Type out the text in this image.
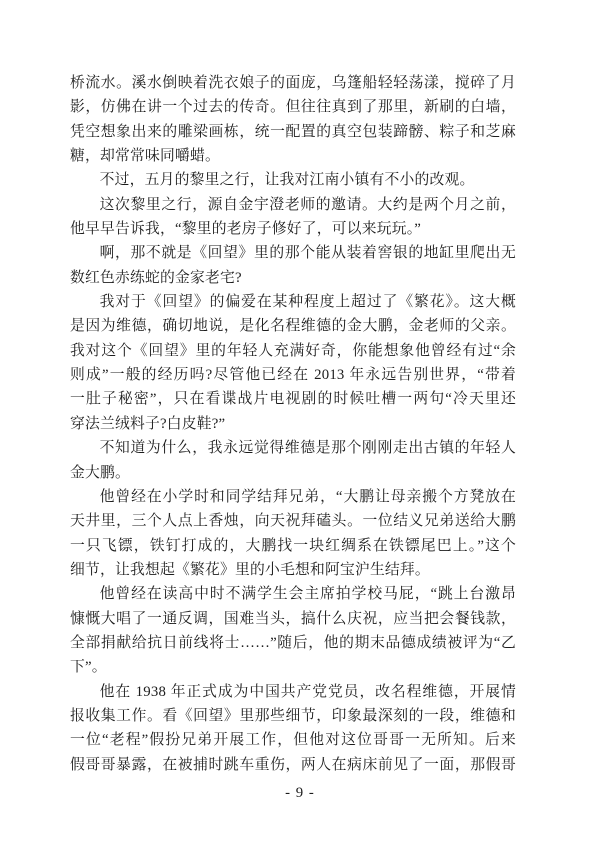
桥流水。溪水倒映着洗衣娘子的面庞，乌篷船轻轻荡漾，搅碎了月
影，仿佛在讲一个过去的传奇。但往往真到了那里，新刷的白墙，
凭空想象出来的雕梁画栋，统一配置的真空包装蹄髈、粽子和芝麻
糖，却常常味同嚼蜡。
不过，五月的黎里之行，让我对江南小镇有不小的改观。
这次黎里之行，源自金宇澄老师的邀请。大约是两个月之前，
他早早告诉我，“黎里的老房子修好了，可以来玩玩。”
啊，那不就是《回望》里的那个能从装着窖银的地缸里爬出无
数红色赤练蛇的金家老宅?
我对于《回望》的偏爱在某种程度上超过了《繁花》。这大概
是因为维德，确切地说，是化名程维德的金大鹏，金老师的父亲。
我对这个《回望》里的年轻人充满好奇，你能想象他曾经有过“余
则成”一般的经历吗?尽管他已经在 2013 年永远告别世界，“带着
一肚子秘密”，只在看谍战片电视剧的时候吐槽一两句“冷天里还
穿法兰绒料子?白皮鞋?”
不知道为什么，我永远觉得维德是那个刚刚走出古镇的年轻人
金大鹏。
他曾经在小学时和同学结拜兄弟，“大鹏让母亲搬个方凳放在
天井里，三个人点上香烛，向天祝拜磕头。一位结义兄弟送给大鹏
一只飞镖，铁钉打成的，大鹏找一块红绸系在铁镖尾巴上。”这个
细节，让我想起《繁花》里的小毛想和阿宝沪生结拜。
他曾经在读高中时不满学生会主席拍学校马屁，“跳上台激昂
慷慨大唱了一通反调，国难当头，搞什么庆祝，应当把会餐钱款，
全部捐献给抗日前线将士……”随后，他的期末品德成绩被评为“乙
下”。
他在 1938 年正式成为中国共产党党员，改名程维德，开展情
报收集工作。看《回望》里那些细节，印象最深刻的一段，维德和
一位“老程”假扮兄弟开展工作，但他对这位哥哥一无所知。后来
假哥哥暴露，在被捕时跳车重伤，两人在病床前见了一面，那假哥
- 9 -
